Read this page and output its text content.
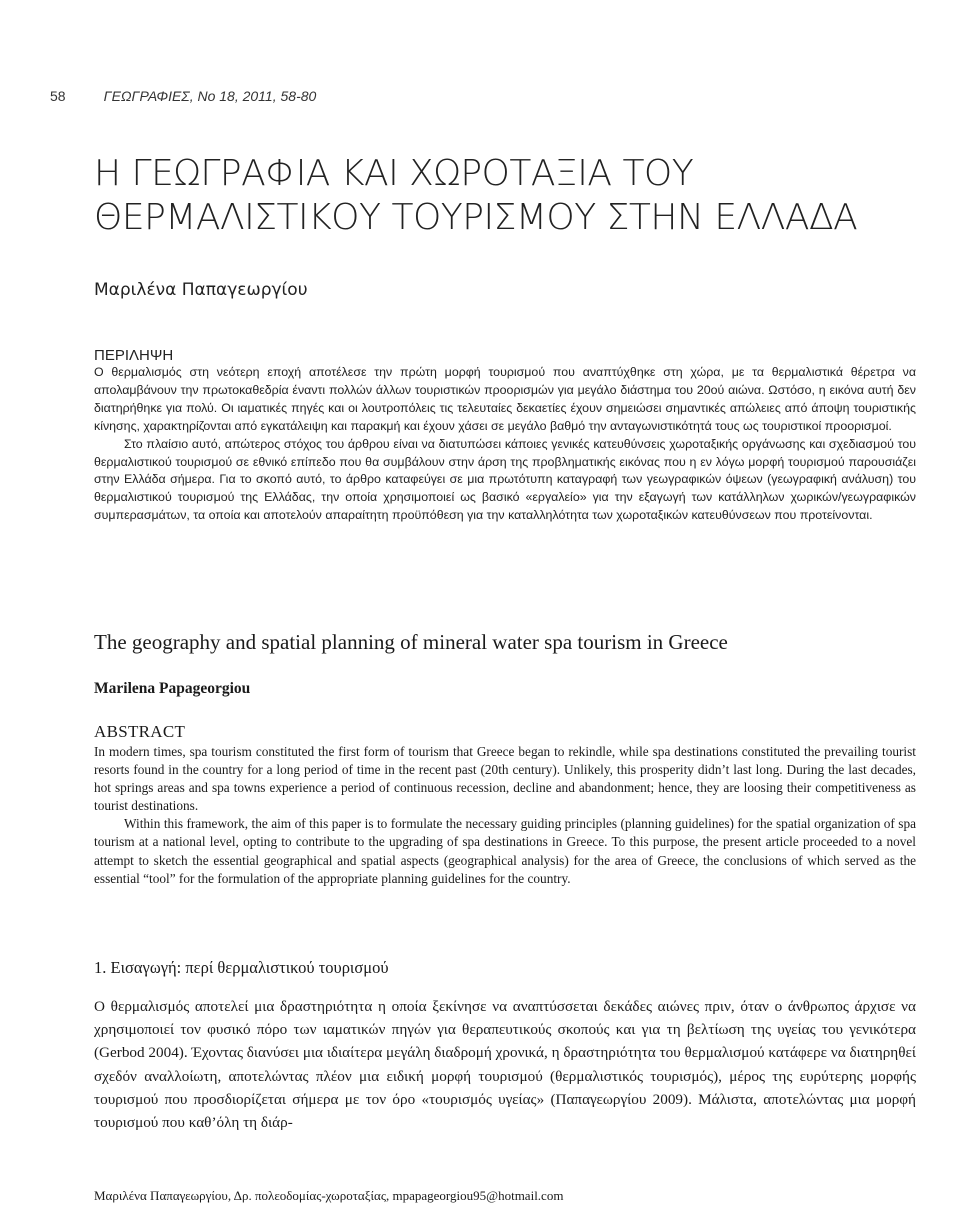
58	ΓΕΩΓΡΑΦΙΕΣ, Νο 18, 2011, 58-80
Η ΓΕΩΓΡΑΦΙΑ ΚΑΙ ΧΩΡΟΤΑΞΙΑ ΤΟΥ
ΘΕΡΜΑΛΙΣΤΙΚΟΥ ΤΟΥΡΙΣΜΟΥ ΣΤΗΝ ΕΛΛΑΔΑ
Μαριλένα Παπαγεωργίου
ΠΕΡΙΛΗΨΗ

Ο θερμαλισμός στη νεότερη εποχή αποτέλεσε την πρώτη μορφή τουρισμού που αναπτύχθηκε στη χώρα, με τα θερμαλιστικά θέρετρα να απολαμβάνουν την πρωτοκαθεδρία έναντι πολλών άλλων τουριστικών προορισμών για μεγάλο διάστημα του 20ού αιώνα. Ωστόσο, η εικόνα αυτή δεν διατηρήθηκε για πολύ. Οι ιαματικές πηγές και οι λουτροπόλεις τις τελευταίες δεκαετίες έχουν σημειώσει σημαντικές απώλειες από άποψη τουριστικής κίνησης, χαρακτηρίζονται από εγκατάλειψη και παρακμή και έχουν χάσει σε μεγάλο βαθμό την ανταγωνιστικότητά τους ως τουριστικοί προορισμοί.

Στο πλαίσιο αυτό, απώτερος στόχος του άρθρου είναι να διατυπώσει κάποιες γενικές κατευθύνσεις χωροταξικής οργάνωσης και σχεδιασμού του θερμαλιστικού τουρισμού σε εθνικό επίπεδο που θα συμβάλουν στην άρση της προβληματικής εικόνας που η εν λόγω μορφή τουρισμού παρουσιάζει στην Ελλάδα σήμερα. Για το σκοπό αυτό, το άρθρο καταφεύγει σε μια πρωτότυπη καταγραφή των γεωγραφικών όψεων (γεωγραφική ανάλυση) του θερμαλιστικού τουρισμού της Ελλάδας, την οποία χρησιμοποιεί ως βασικό «εργαλείο» για την εξαγωγή των κατάλληλων χωρικών/γεωγραφικών συμπερασμάτων, τα οποία και αποτελούν απαραίτητη προϋπόθεση για την καταλληλότητα των χωροταξικών κατευθύνσεων που προτείνονται.

The geography and spatial planning of mineral water spa tourism in Greece
Marilena Papageorgiou
ABSTRACT

In modern times, spa tourism constituted the first form of tourism that Greece began to rekindle, while spa destinations constituted the prevailing tourist resorts found in the country for a long period of time in the recent past (20th century). Unlikely, this prosperity didn’t last long. During the last decades, hot springs areas and spa towns experience a period of continuous recession, decline and abandonment; hence, they are loosing their competitiveness as tourist destinations.

Within this framework, the aim of this paper is to formulate the necessary guiding principles (planning guidelines) for the spatial organization of spa tourism at a national level, opting to contribute to the upgrading of spa destinations in Greece. To this purpose, the present article proceeded to a novel attempt to sketch the essential geographical and spatial aspects (geographical analysis) for the area of Greece, the conclusions of which served as the essential “tool” for the formulation of the appropriate planning guidelines for the country.

1. Εισαγωγή: περί θερμαλιστικού τουρισμού

Ο θερμαλισμός αποτελεί μια δραστηριότητα η οποία ξεκίνησε να αναπτύσσεται δεκάδες αιώνες πριν, όταν ο άνθρωπος άρχισε να χρησιμοποιεί τον φυσικό πόρο των ιαματικών πηγών για θεραπευτικούς σκοπούς και για τη βελτίωση της υγείας του γενικότερα (Gerbod 2004). Έχοντας διανύσει μια ιδιαίτερα μεγάλη διαδρομή χρονικά, η δραστηριότητα του θερμαλισμού κατάφερε να διατηρηθεί σχεδόν αναλλοίωτη, αποτελώντας πλέον μια ειδική μορφή τουρισμού (θερμαλιστικός τουρισμός), μέρος της ευρύτερης μορφής τουρισμού που προσδιορίζεται σήμερα με τον όρο «τουρισμός υγείας» (Παπαγεωργίου 2009). Μάλιστα, αποτελώντας μια μορφή τουρισμού που καθ’όλη τη διάρ-

Μαριλένα Παπαγεωργίου, Δρ. πολεοδομίας-χωροταξίας, mpapageorgiou95@hotmail.com
